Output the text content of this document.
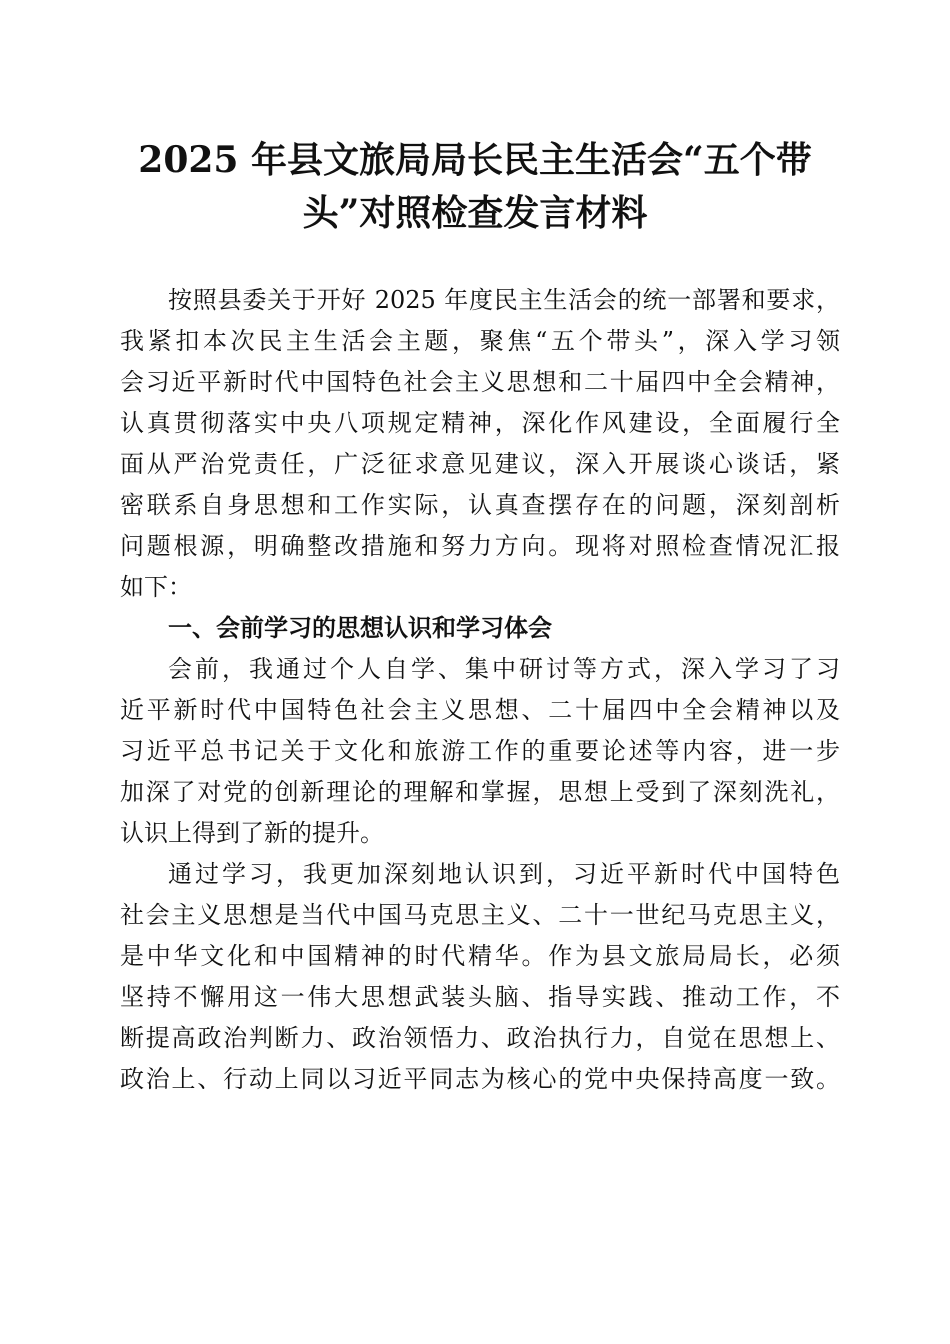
2025 年县文旅局局长民主生活会“五个带
头”对照检查发言材料
按照县委关于开好 2025 年度民主生活会的统一部署和要求，
我紧扣本次民主生活会主题，聚焦“五个带头”，深入学习领
会习近平新时代中国特色社会主义思想和二十届四中全会精神，
认真贯彻落实中央八项规定精神，深化作风建设，全面履行全
面从严治党责任，广泛征求意见建议，深入开展谈心谈话，紧
密联系自身思想和工作实际，认真查摆存在的问题，深刻剖析
问题根源，明确整改措施和努力方向。现将对照检查情况汇报
如下：
一、会前学习的思想认识和学习体会
会前，我通过个人自学、集中研讨等方式，深入学习了习
近平新时代中国特色社会主义思想、二十届四中全会精神以及
习近平总书记关于文化和旅游工作的重要论述等内容，进一步
加深了对党的创新理论的理解和掌握，思想上受到了深刻洗礼，
认识上得到了新的提升。
通过学习，我更加深刻地认识到，习近平新时代中国特色
社会主义思想是当代中国马克思主义、二十一世纪马克思主义，
是中华文化和中国精神的时代精华。作为县文旅局局长，必须
坚持不懈用这一伟大思想武装头脑、指导实践、推动工作，不
断提高政治判断力、政治领悟力、政治执行力，自觉在思想上、
政治上、行动上同以习近平同志为核心的党中央保持高度一致。
